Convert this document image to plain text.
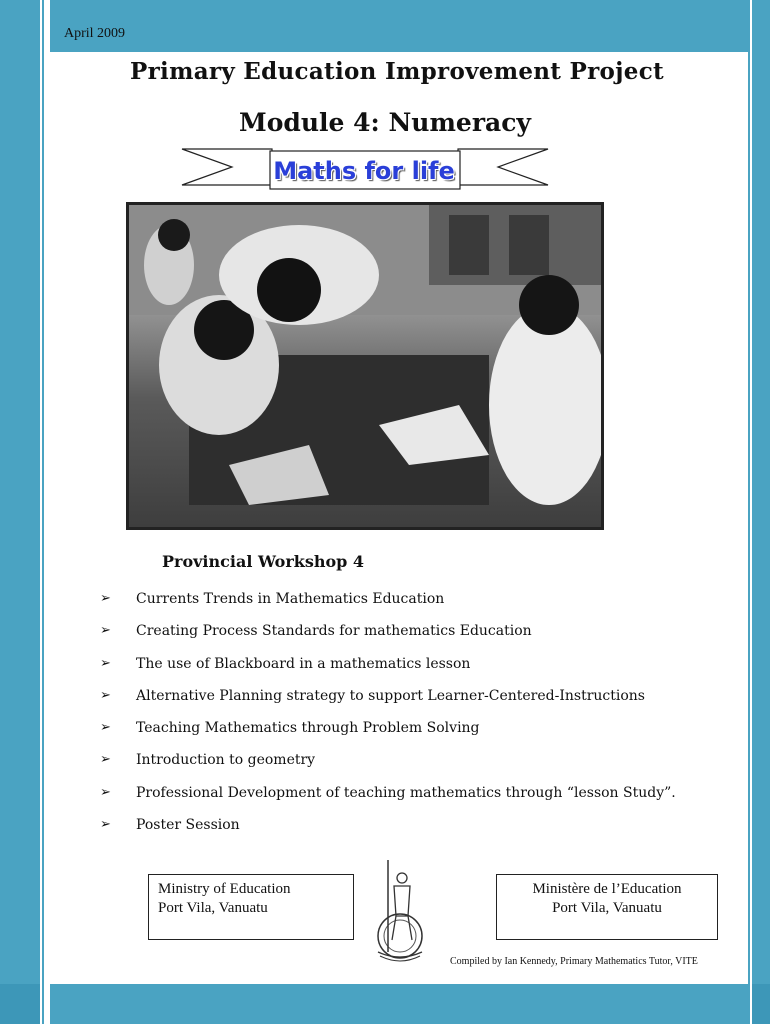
April 2009
Primary Education Improvement Project
Module 4: Numeracy
Maths for life
Provincial Workshop 4
➢	Currents Trends in Mathematics Education
➢	Creating Process Standards for mathematics Education
➢	The use of Blackboard in a mathematics lesson
➢	Alternative Planning strategy to support Learner-Centered-Instructions
➢	Teaching Mathematics through Problem Solving
➢	Introduction to geometry
➢	Professional Development of teaching mathematics through “lesson Study”.
➢	Poster Session
Ministry of Education
Port Vila, Vanuatu
Ministère de l’Education
Port Vila, Vanuatu
Compiled by Ian Kennedy, Primary Mathematics Tutor, VITE
